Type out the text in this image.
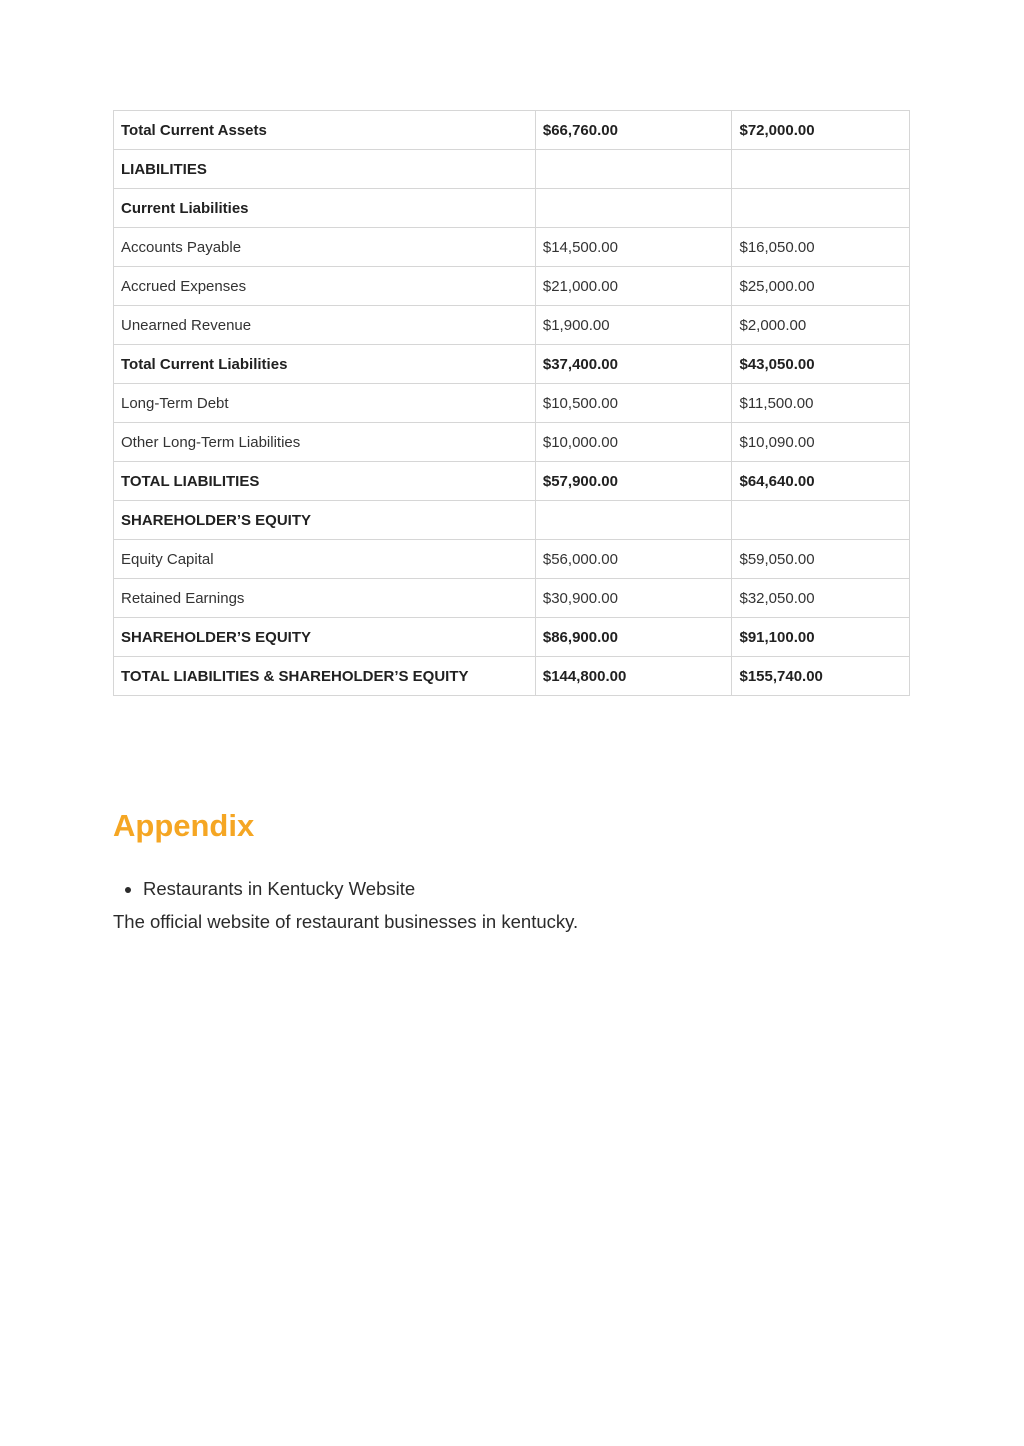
Total Current Assets	$66,760.00	$72,000.00
LIABILITIES		
Current Liabilities		
Accounts Payable	$14,500.00	$16,050.00
Accrued Expenses	$21,000.00	$25,000.00
Unearned Revenue	$1,900.00	$2,000.00
Total Current Liabilities	$37,400.00	$43,050.00
Long-Term Debt	$10,500.00	$11,500.00
Other Long-Term Liabilities	$10,000.00	$10,090.00
TOTAL LIABILITIES	$57,900.00	$64,640.00
SHAREHOLDER’S EQUITY		
Equity Capital	$56,000.00	$59,050.00
Retained Earnings	$30,900.00	$32,050.00
SHAREHOLDER’S EQUITY	$86,900.00	$91,100.00
TOTAL LIABILITIES & SHAREHOLDER’S EQUITY	$144,800.00	$155,740.00
Appendix
• Restaurants in Kentucky Website

The official website of restaurant businesses in kentucky.
